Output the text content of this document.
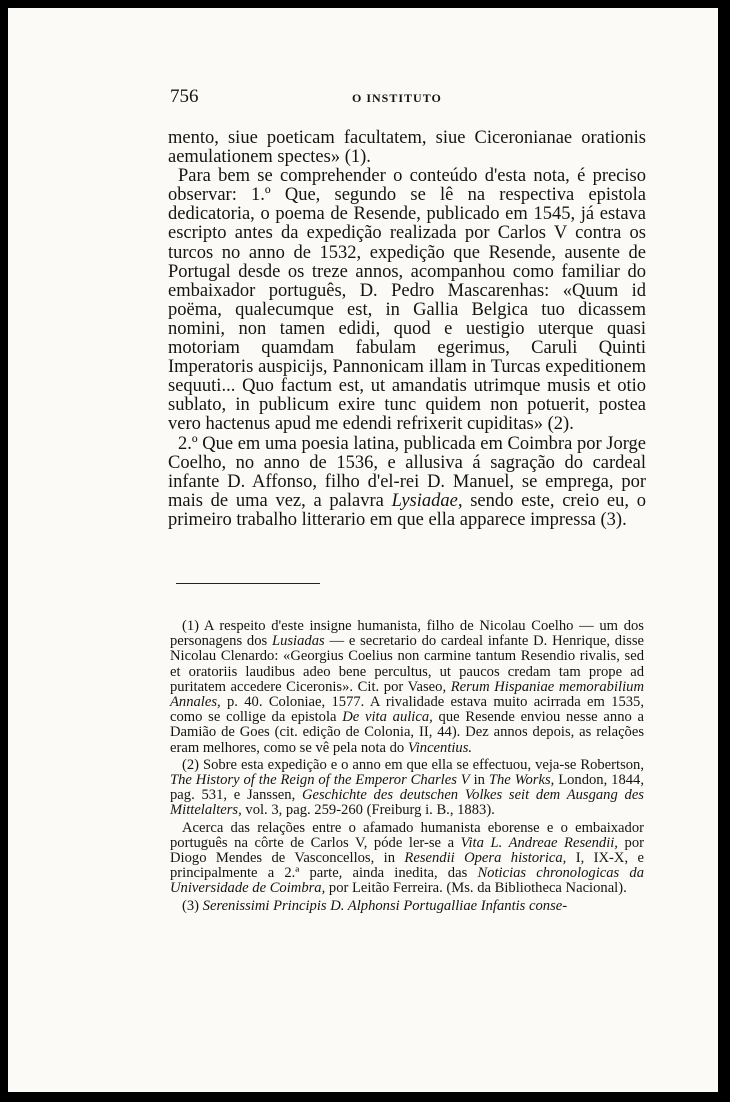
756	O INSTITUTO

mento, siue poeticam facultatem, siue Ciceronianae orationis aemulationem spectes» (1).

Para bem se comprehender o conteúdo d'esta nota, é preciso observar: 1.º Que, segundo se lê na respectiva epistola dedicatoria, o poema de Resende, publicado em 1545, já estava escripto antes da expedição realizada por Carlos V contra os turcos no anno de 1532, expedição que Resende, ausente de Portugal desde os treze annos, acompanhou como familiar do embaixador português, D. Pedro Mascarenhas: «Quum id poëma, qualecumque est, in Gallia Belgica tuo dicassem nomini, non tamen edidi, quod e uestigio uterque quasi motoriam quamdam fabulam egerimus, Caruli Quinti Imperatoris auspicijs, Pannonicam illam in Turcas expeditionem sequuti... Quo factum est, ut amandatis utrimque musis et otio sublato, in publicum exire tunc quidem non potuerit, postea vero hactenus apud me edendi refrixerit cupiditas» (2).

2.º Que em uma poesia latina, publicada em Coimbra por Jorge Coelho, no anno de 1536, e allusiva á sagração do cardeal infante D. Affonso, filho d'el-rei D. Manuel, se emprega, por mais de uma vez, a palavra Lysiadae, sendo este, creio eu, o primeiro trabalho litterario em que ella apparece impressa (3).

(1) A respeito d'este insigne humanista, filho de Nicolau Coelho — um dos personagens dos Lusiadas — e secretario do cardeal infante D. Henrique, disse Nicolau Clenardo: «Georgius Coelius non carmine tantum Resendio rivalis, sed et oratoriis laudibus adeo bene percultus, ut paucos credam tam prope ad puritatem accedere Ciceronis». Cit. por Vaseo, Rerum Hispaniae memorabilium Annales, p. 40. Coloniae, 1577. A rivalidade estava muito acirrada em 1535, como se collige da epistola De vita aulica, que Resende enviou nesse anno a Damião de Goes (cit. edição de Colonia, II, 44). Dez annos depois, as relações eram melhores, como se vê pela nota do Vincentius.

(2) Sobre esta expedição e o anno em que ella se effectuou, veja-se Robertson, The History of the Reign of the Emperor Charles V in The Works, London, 1844, pag. 531, e Janssen, Geschichte des deutschen Volkes seit dem Ausgang des Mittelalters, vol. 3, pag. 259-260 (Freiburg i. B., 1883).

Acerca das relações entre o afamado humanista eborense e o embaixador português na côrte de Carlos V, póde ler-se a Vita L. Andreae Resendii, por Diogo Mendes de Vasconcellos, in Resendii Opera historica, I, IX-X, e principalmente a 2.ª parte, ainda inedita, das Noticias chronologicas da Universidade de Coimbra, por Leitão Ferreira. (Ms. da Bibliotheca Nacional).

(3) Serenissimi Principis D. Alphonsi Portugalliae Infantis conse-
